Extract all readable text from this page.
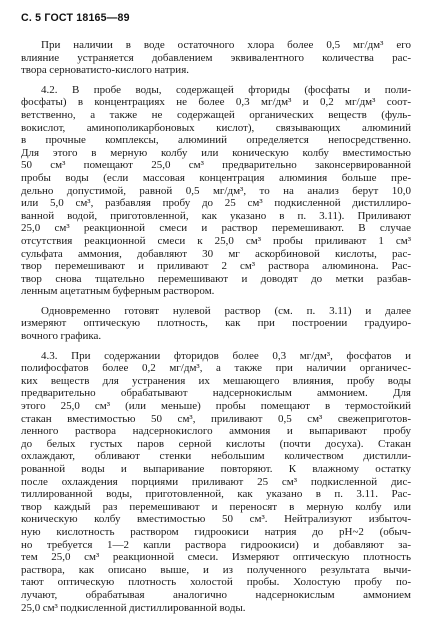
С. 5 ГОСТ 18165—89
При наличии в воде остаточного хлора более 0,5 мг/дм³ его
влияние устраняется добавлением эквивалентного количества рас-
твора серноватисто-кислого натрия.
4.2. В пробе воды, содержащей фториды (фосфаты и поли-
фосфаты) в концентрациях не более 0,3 мг/дм³ и 0,2 мг/дм³ соот-
ветственно, а также не содержащей органических веществ (фуль-
вокислот, аминополикарбоновых кислот), связывающих алюминий
в прочные комплексы, алюминий определяется непосредственно.
Для этого в мерную колбу или коническую колбу вместимостью
50 см³ помещают 25,0 см³ предварительно законсервированной
пробы воды (если массовая концентрация алюминия больше пре-
дельно допустимой, равной 0,5 мг/дм³, то на анализ берут 10,0
или 5,0 см³, разбавляя пробу до 25 см³ подкисленной дистиллиро-
ванной водой, приготовленной, как указано в п. 3.11). Приливают
25,0 см³ реакционной смеси и раствор перемешивают. В случае
отсутствия реакционной смеси к 25,0 см³ пробы приливают 1 см³
сульфата аммония, добавляют 30 мг аскорбиновой кислоты, рас-
твор перемешивают и приливают 2 см³ раствора алюминона. Рас-
твор снова тщательно перемешивают и доводят до метки разбав-
ленным ацетатным буферным раствором.
Одновременно готовят нулевой раствор (см. п. 3.11) и далее
измеряют оптическую плотность, как при построении градуиро-
вочного графика.
4.3. При содержании фторидов более 0,3 мг/дм³, фосфатов и
полифосфатов более 0,2 мг/дм³, а также при наличии органичес-
ких веществ для устранения их мешающего влияния, пробу воды
предварительно обрабатывают надсернокислым аммонием. Для
этого 25,0 см³ (или меньше) пробы помещают в термостойкий
стакан вместимостью 50 см³, приливают 0,5 см³ свежеприготов-
ленного раствора надсернокислого аммония и выпаривают пробу
до белых густых паров серной кислоты (почти досуха). Стакан
охлаждают, обливают стенки небольшим количеством дистилли-
рованной воды и выпаривание повторяют. К влажному остатку
после охлаждения порциями приливают 25 см³ подкисленной дис-
тиллированной воды, приготовленной, как указано в п. 3.11. Рас-
твор каждый раз перемешивают и переносят в мерную колбу или
коническую колбу вместимостью 50 см³. Нейтрализуют избыточ-
ную кислотность раствором гидроокиси натрия до pH~2 (обыч-
но требуется 1—2 капли раствора гидроокиси) и добавляют за-
тем 25,0 см³ реакционной смеси. Измеряют оптическую плотность
раствора, как описано выше, и из полученного результата вычи-
тают оптическую плотность холостой пробы. Холостую пробу по-
лучают, обрабатывая аналогично надсернокислым аммонием
25,0 см³ подкисленной дистиллированной воды.
